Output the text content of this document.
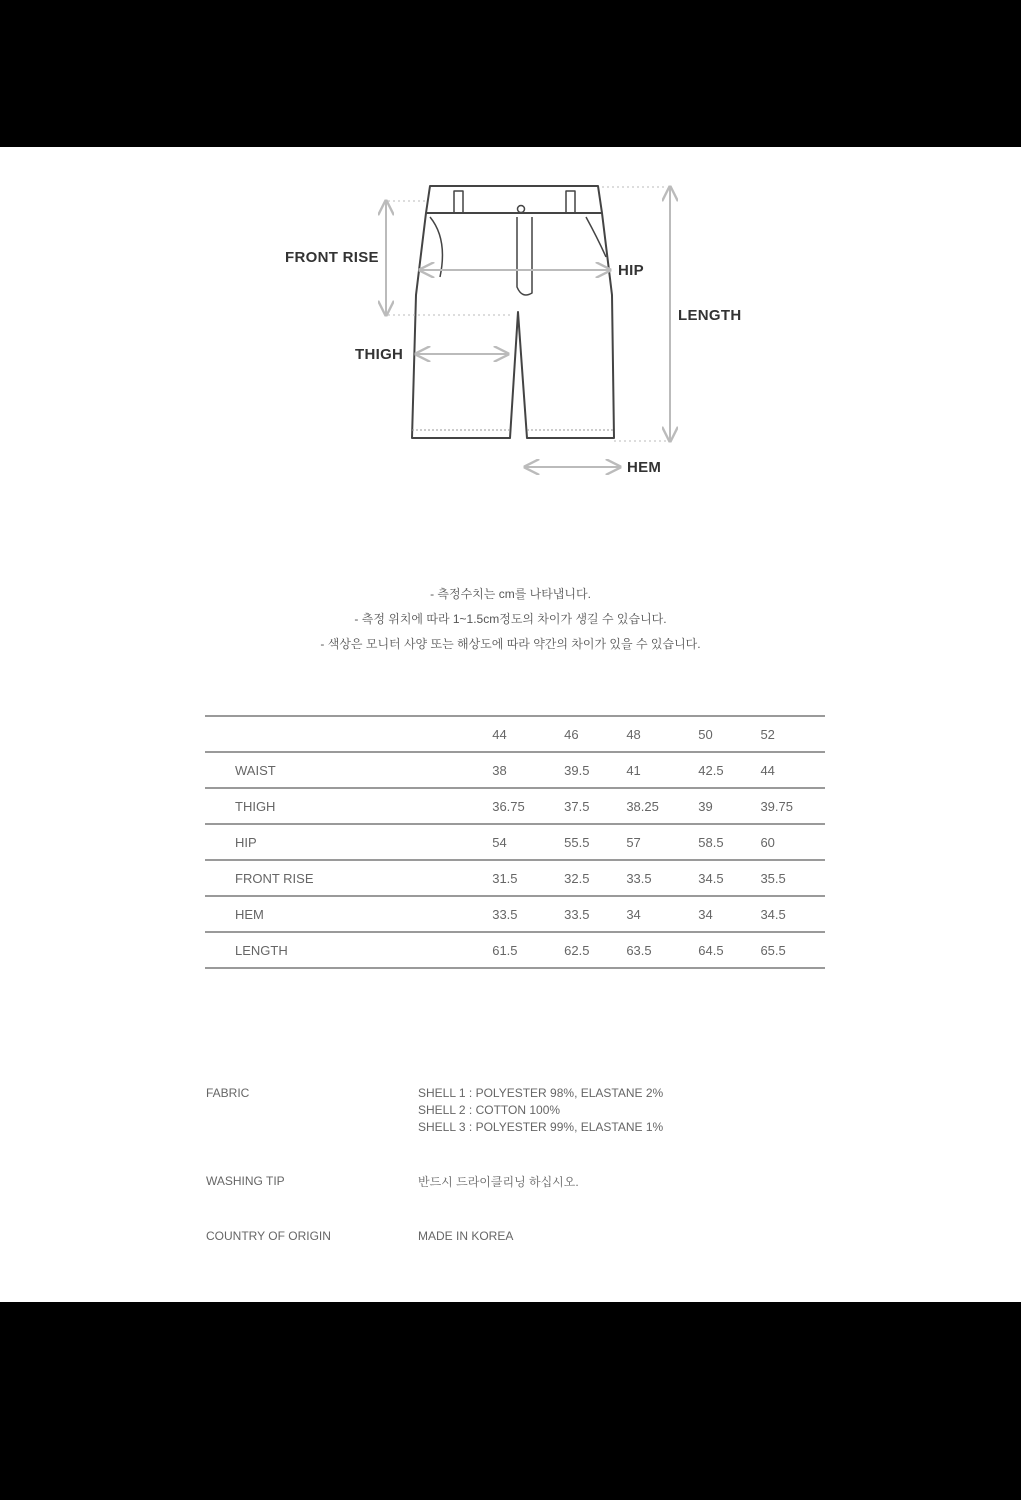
FRONT RISE
HIP
LENGTH
THIGH
HEM
- 측정수치는 cm를 나타냅니다.
- 측정 위치에 따라 1~1.5cm정도의 차이가 생길 수 있습니다.
- 색상은 모니터 사양 또는 해상도에 따라 약간의 차이가 있을 수 있습니다.
	44	46	48	50	52
WAIST	38	39.5	41	42.5	44
THIGH	36.75	37.5	38.25	39	39.75
HIP	54	55.5	57	58.5	60
FRONT RISE	31.5	32.5	33.5	34.5	35.5
HEM	33.5	33.5	34	34	34.5
LENGTH	61.5	62.5	63.5	64.5	65.5
FABRIC	SHELL 1 : POLYESTER 98%, ELASTANE 2%
SHELL 2 : COTTON 100%
SHELL 3 : POLYESTER 99%, ELASTANE 1%
WASHING TIP	반드시 드라이클리닝 하십시오.
COUNTRY OF ORIGIN	MADE IN KOREA
